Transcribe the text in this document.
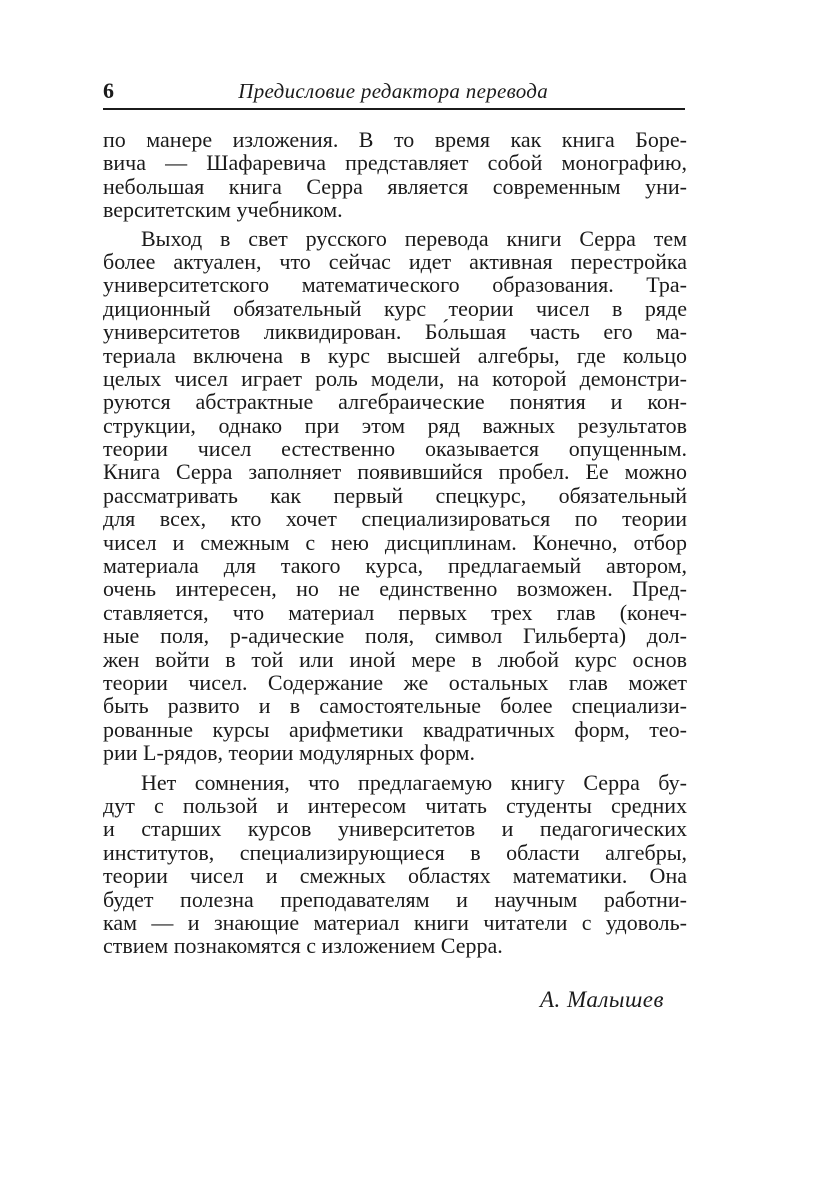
6	Предисловие редактора перевода
по манере изложения. В то время как книга Боре-
вича — Шафаревича представляет собой монографию,
небольшая книга Серра является современным уни-
верситетским учебником.
Выход в свет русского перевода книги Серра тем
более актуален, что сейчас идет активная перестройка
университетского математического образования. Тра-
диционный обязательный курс теории чисел в ряде
университетов ликвидирован. Бо́льшая часть его ма-
териала включена в курс высшей алгебры, где кольцо
целых чисел играет роль модели, на которой демонстри-
руются абстрактные алгебраические понятия и кон-
струкции, однако при этом ряд важных результатов
теории чисел естественно оказывается опущенным.
Книга Серра заполняет появившийся пробел. Ее можно
рассматривать как первый спецкурс, обязательный
для всех, кто хочет специализироваться по теории
чисел и смежным с нею дисциплинам. Конечно, отбор
материала для такого курса, предлагаемый автором,
очень интересен, но не единственно возможен. Пред-
ставляется, что материал первых трех глав (конеч-
ные поля, p-адические поля, символ Гильберта) дол-
жен войти в той или иной мере в любой курс основ
теории чисел. Содержание же остальных глав может
быть развито и в самостоятельные более специализи-
рованные курсы арифметики квадратичных форм, тео-
рии L-рядов, теории модулярных форм.
Нет сомнения, что предлагаемую книгу Серра бу-
дут с пользой и интересом читать студенты средних
и старших курсов университетов и педагогических
институтов, специализирующиеся в области алгебры,
теории чисел и смежных областях математики. Она
будет полезна преподавателям и научным работни-
кам — и знающие материал книги читатели с удоволь-
ствием познакомятся с изложением Серра.
А. Малышев
